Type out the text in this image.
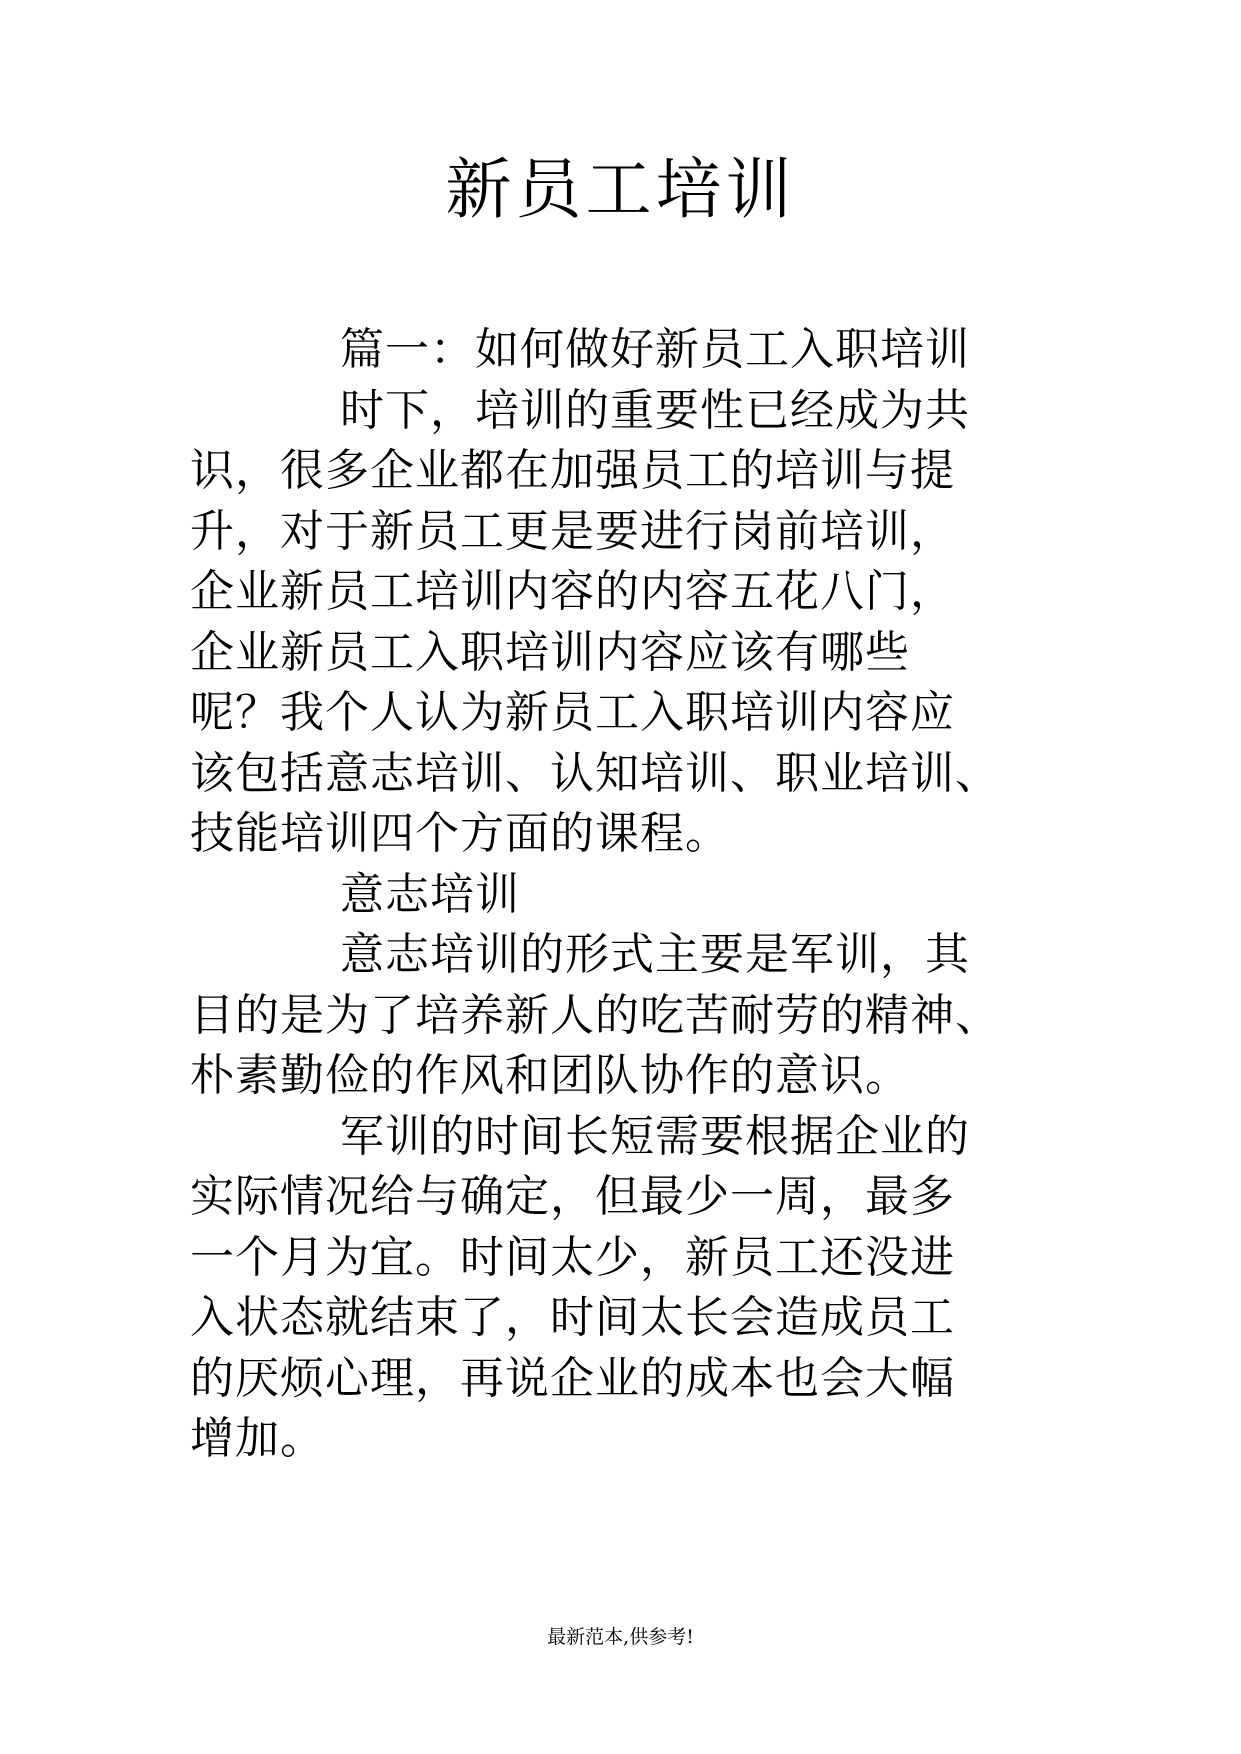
新员工培训
篇一：如何做好新员工入职培训
时下，培训的重要性已经成为共
识，很多企业都在加强员工的培训与提
升，对于新员工更是要进行岗前培训，
企业新员工培训内容的内容五花八门，
企业新员工入职培训内容应该有哪些
呢？我个人认为新员工入职培训内容应
该包括意志培训、认知培训、职业培训、
技能培训四个方面的课程。
意志培训
意志培训的形式主要是军训，其
目的是为了培养新人的吃苦耐劳的精神、
朴素勤俭的作风和团队协作的意识。
军训的时间长短需要根据企业的
实际情况给与确定，但最少一周，最多
一个月为宜。时间太少，新员工还没进
入状态就结束了，时间太长会造成员工
的厌烦心理，再说企业的成本也会大幅
增加。
最新范本,供参考!
